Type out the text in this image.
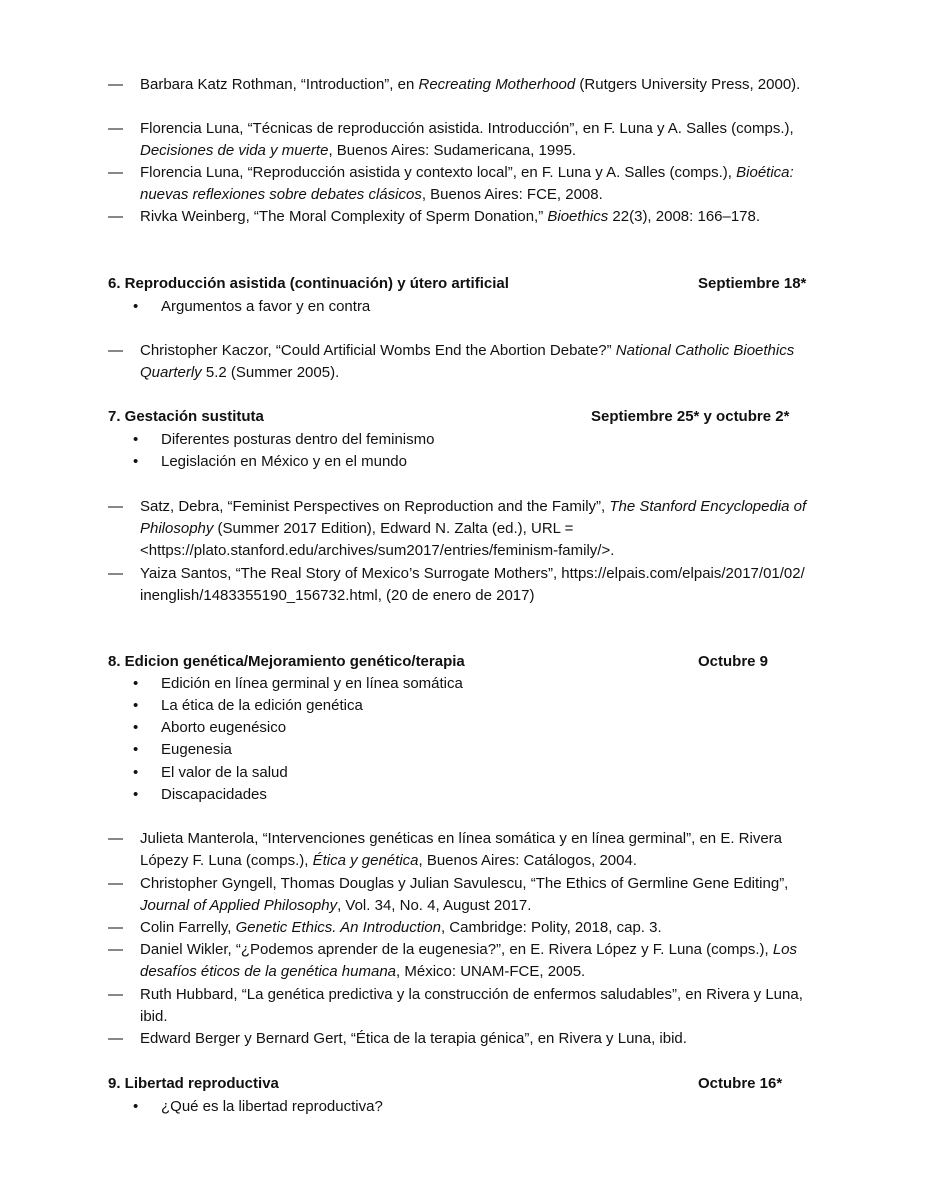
— Barbara Katz Rothman, “Introduction”, en Recreating Motherhood (Rutgers University Press, 2000).
— Florencia Luna, “Técnicas de reproducción asistida. Introducción”, en F. Luna y A. Salles (comps.), Decisiones de vida y muerte, Buenos Aires: Sudamericana, 1995.
— Florencia Luna, “Reproducción asistida y contexto local”, en F. Luna y A. Salles (comps.), Bioética: nuevas reflexiones sobre debates clásicos, Buenos Aires: FCE, 2008.
— Rivka Weinberg, “The Moral Complexity of Sperm Donation,” Bioethics 22(3), 2008: 166–178.
6. Reproducción asistida (continuación) y útero artificial	Septiembre 18*
• Argumentos a favor y en contra
— Christopher Kaczor, “Could Artificial Wombs End the Abortion Debate?” National Catholic Bioethics Quarterly 5.2 (Summer 2005).
7. Gestación sustituta	Septiembre 25* y octubre 2*
• Diferentes posturas dentro del feminismo
• Legislación en México y en el mundo
— Satz, Debra, “Feminist Perspectives on Reproduction and the Family”, The Stanford Encyclopedia of Philosophy (Summer 2017 Edition), Edward N. Zalta (ed.), URL = <https://plato.stanford.edu/archives/sum2017/entries/feminism-family/>.
— Yaiza Santos, “The Real Story of Mexico’s Surrogate Mothers”, https://elpais.com/elpais/2017/01/02/inenglish/1483355190_156732.html, (20 de enero de 2017)
8. Edicion genética/Mejoramiento genético/terapia	Octubre 9
• Edición en línea germinal y en línea somática
• La ética de la edición genética
• Aborto eugenésico
• Eugenesia
• El valor de la salud
• Discapacidades
— Julieta Manterola, “Intervenciones genéticas en línea somática y en línea germinal”, en E. Rivera Lópezy F. Luna (comps.), Ética y genética, Buenos Aires: Catálogos, 2004.
— Christopher Gyngell, Thomas Douglas y Julian Savulescu, “The Ethics of Germline Gene Editing”, Journal of Applied Philosophy, Vol. 34, No. 4, August 2017.
— Colin Farrelly, Genetic Ethics. An Introduction, Cambridge: Polity, 2018, cap. 3.
— Daniel Wikler, “¿Podemos aprender de la eugenesia?”, en E. Rivera López y F. Luna (comps.), Los desafíos éticos de la genética humana, México: UNAM-FCE, 2005.
— Ruth Hubbard, “La genética predictiva y la construcción de enfermos saludables”, en Rivera y Luna, ibid.
— Edward Berger y Bernard Gert, “Ética de la terapia génica”, en Rivera y Luna, ibid.
9. Libertad reproductiva	Octubre 16*
• ¿Qué es la libertad reproductiva?
